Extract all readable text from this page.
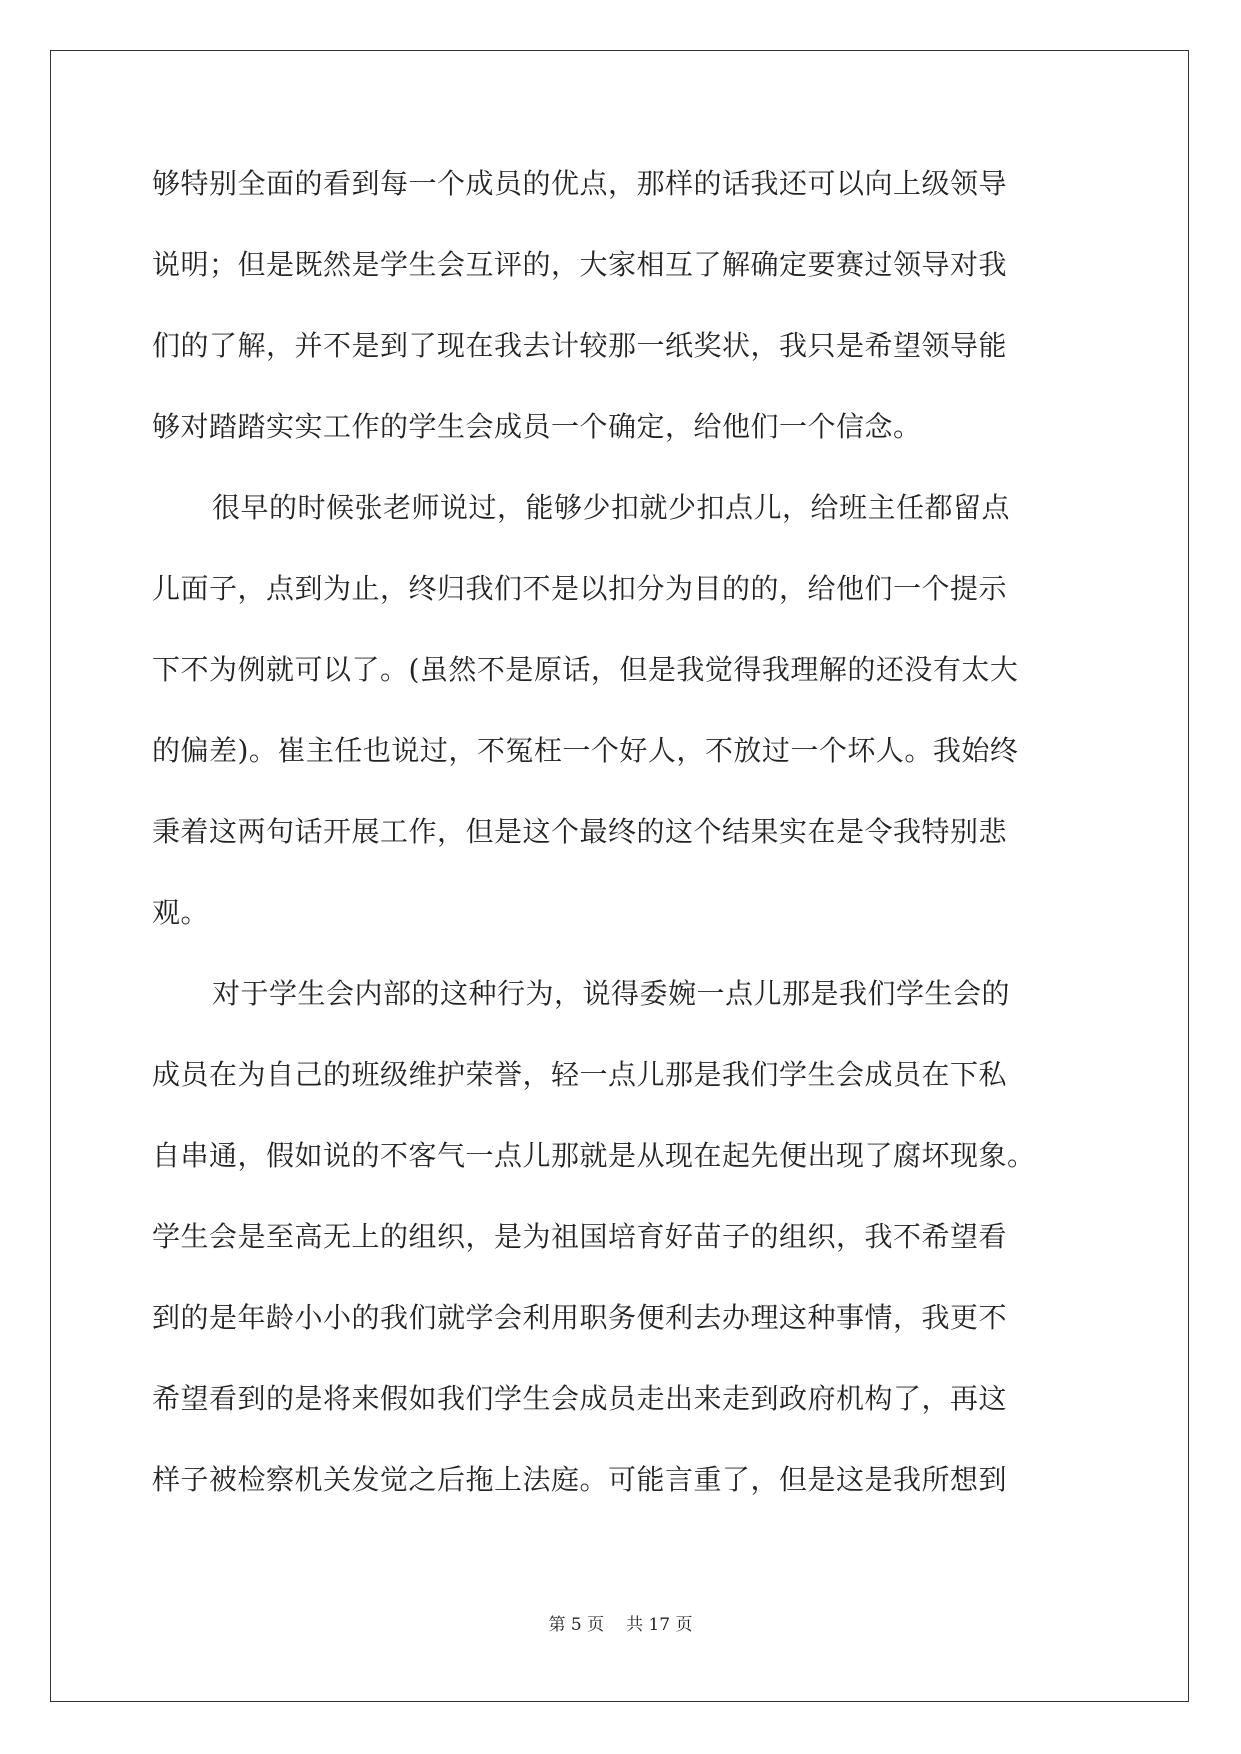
够特别全面的看到每一个成员的优点，那样的话我还可以向上级领导
说明；但是既然是学生会互评的，大家相互了解确定要赛过领导对我
们的了解，并不是到了现在我去计较那一纸奖状，我只是希望领导能
够对踏踏实实工作的学生会成员一个确定，给他们一个信念。
很早的时候张老师说过，能够少扣就少扣点儿，给班主任都留点
儿面子，点到为止，终归我们不是以扣分为目的的，给他们一个提示
下不为例就可以了。(虽然不是原话，但是我觉得我理解的还没有太大
的偏差)。崔主任也说过，不冤枉一个好人，不放过一个坏人。我始终
秉着这两句话开展工作，但是这个最终的这个结果实在是令我特别悲
观。
对于学生会内部的这种行为，说得委婉一点儿那是我们学生会的
成员在为自己的班级维护荣誉，轻一点儿那是我们学生会成员在下私
自串通，假如说的不客气一点儿那就是从现在起先便出现了腐坏现象。
学生会是至高无上的组织，是为祖国培育好苗子的组织，我不希望看
到的是年龄小小的我们就学会利用职务便利去办理这种事情，我更不
希望看到的是将来假如我们学生会成员走出来走到政府机构了，再这
样子被检察机关发觉之后拖上法庭。可能言重了，但是这是我所想到
第 5 页 共 17 页
